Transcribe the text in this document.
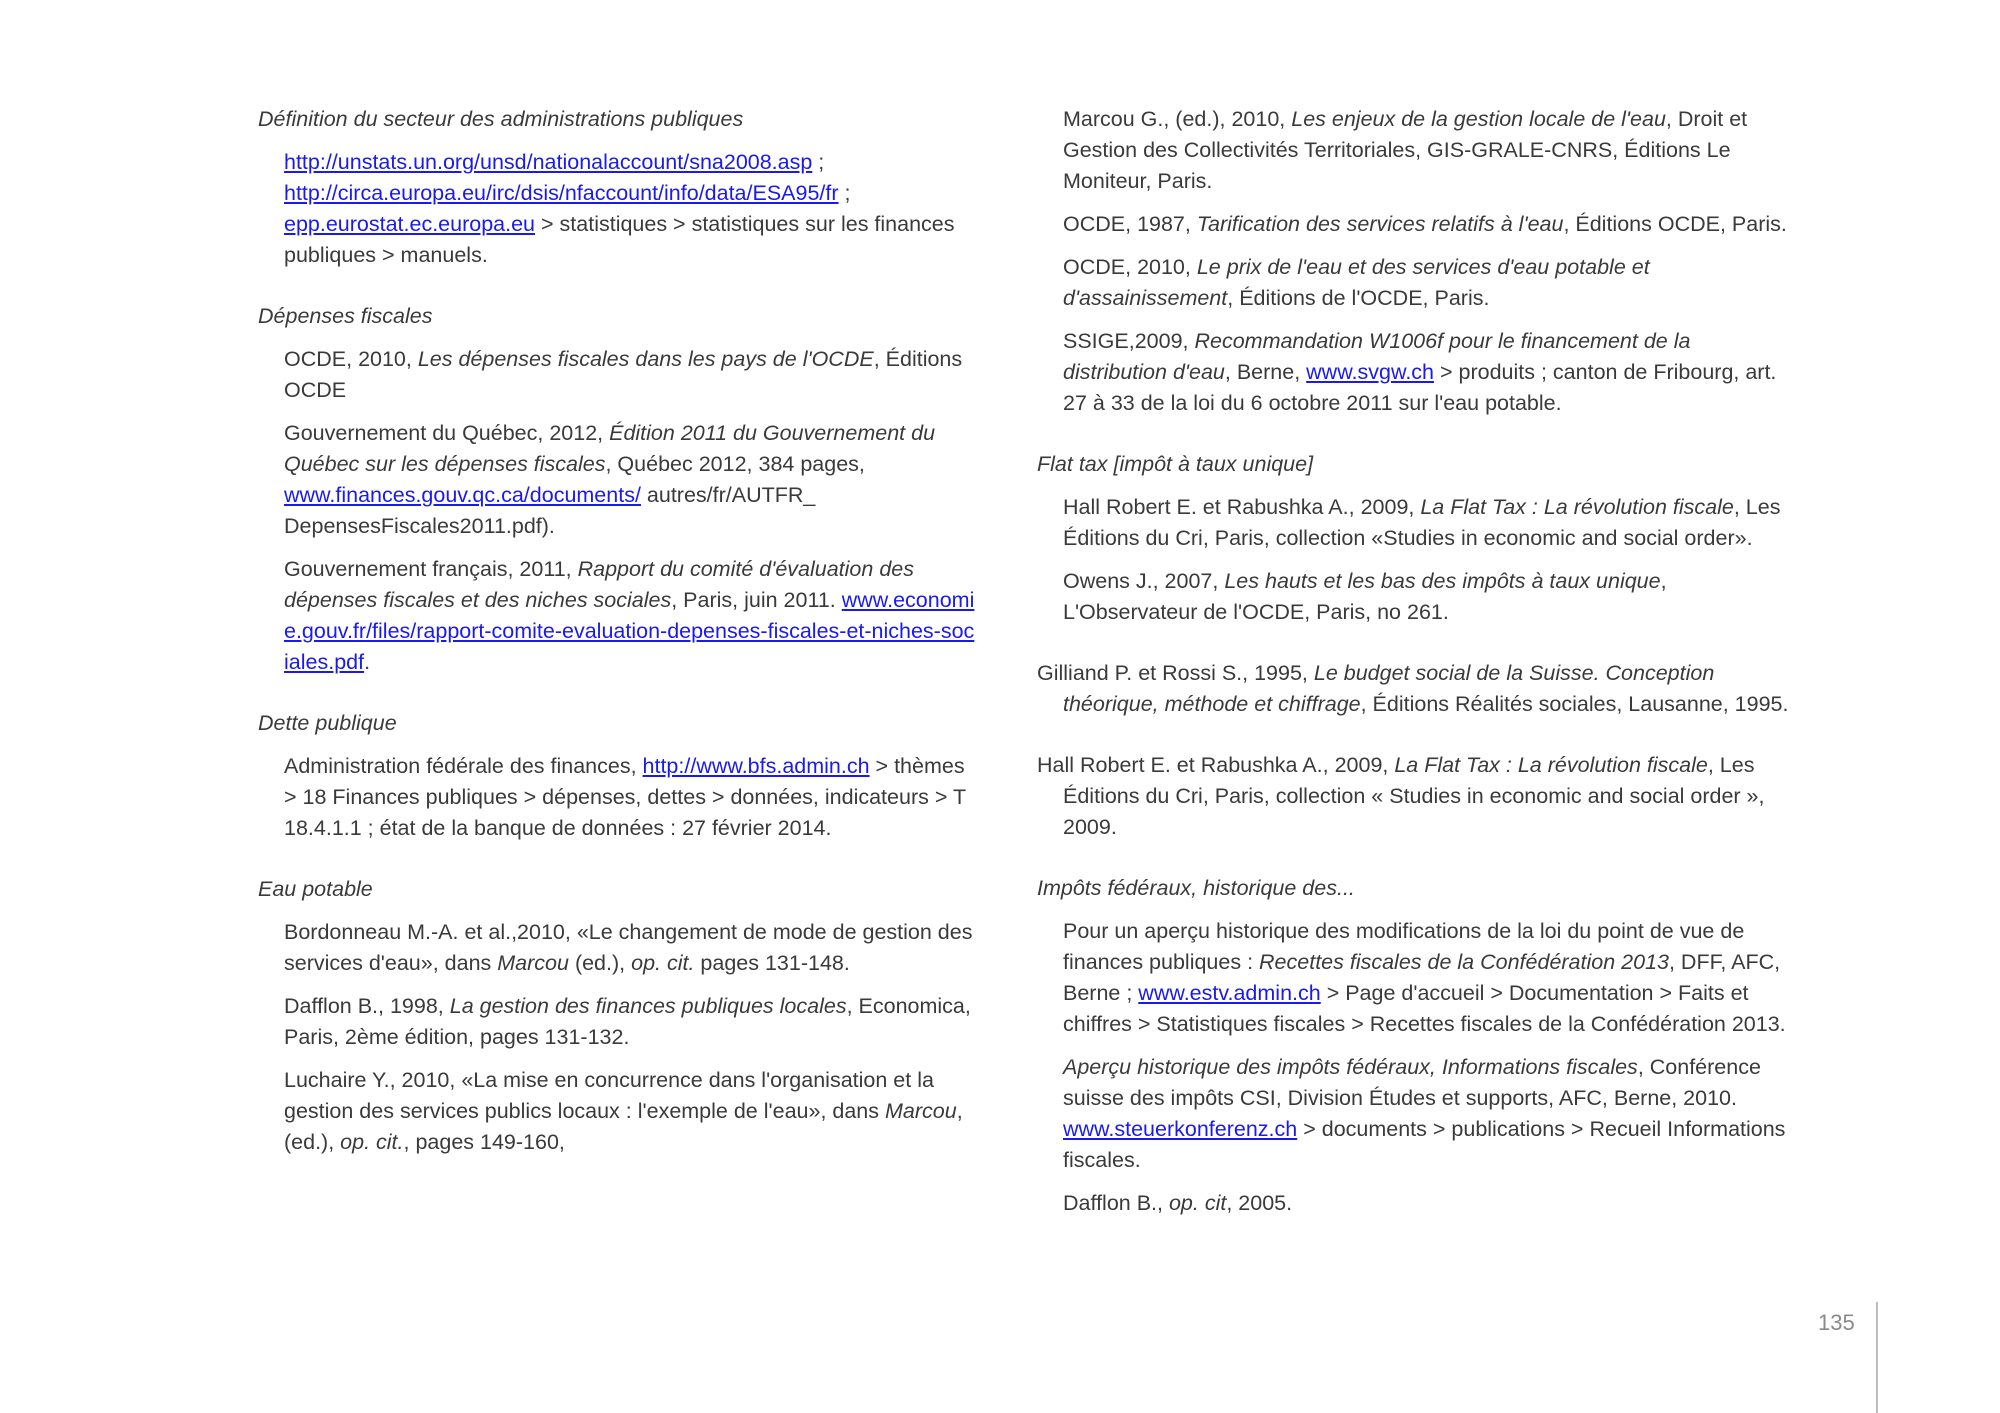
Définition du secteur des administrations publiques

http://unstats.un.org/unsd/nationalaccount/sna2008.asp ;
http://circa.europa.eu/irc/dsis/nfaccount/info/data/ESA95/fr ;
epp.eurostat.ec.europa.eu > statistiques > statistiques sur les finances publiques > manuels.

Dépenses fiscales

OCDE, 2010, Les dépenses fiscales dans les pays de l'OCDE, Éditions OCDE

Gouvernement du Québec, 2012, Édition 2011 du Gouvernement du Québec sur les dépenses fiscales, Québec 2012, 384 pages, www.finances.gouv.qc.ca/documents/ autres/fr/AUTFR_ DepensesFiscales2011.pdf).

Gouvernement français, 2011, Rapport du comité d'évaluation des dépenses fiscales et des niches sociales, Paris, juin 2011. www.economie.gouv.fr/files/rapport-comite-evaluation-depenses-fiscales-et-niches-sociales.pdf.

Dette publique

Administration fédérale des finances, http://www.bfs.admin.ch > thèmes > 18 Finances publiques > dépenses, dettes > données, indicateurs > T 18.4.1.1 ; état de la banque de données : 27 février 2014.

Eau potable

Bordonneau M.-A. et al.,2010, «Le changement de mode de gestion des services d'eau», dans Marcou (ed.), op. cit. pages 131-148.

Dafflon B., 1998, La gestion des finances publiques locales, Economica, Paris, 2ème édition, pages 131-132.

Luchaire Y., 2010, «La mise en concurrence dans l'organisation et la gestion des services publics locaux : l'exemple de l'eau», dans Marcou, (ed.), op. cit., pages 149-160,

Marcou G., (ed.), 2010, Les enjeux de la gestion locale de l'eau, Droit et Gestion des Collectivités Territoriales, GIS-GRALE-CNRS, Éditions Le Moniteur, Paris.

OCDE, 1987, Tarification des services relatifs à l'eau, Éditions OCDE, Paris.

OCDE, 2010, Le prix de l'eau et des services d'eau potable et d'assainissement, Éditions de l'OCDE, Paris.

SSIGE,2009, Recommandation W1006f pour le financement de la distribution d'eau, Berne, www.svgw.ch > produits ; canton de Fribourg, art. 27 à 33 de la loi du 6 octobre 2011 sur l'eau potable.

Flat tax [impôt à taux unique]

Hall Robert E. et Rabushka A., 2009, La Flat Tax : La révolution fiscale, Les Éditions du Cri, Paris, collection «Studies in economic and social order».

Owens J., 2007, Les hauts et les bas des impôts à taux unique, L'Observateur de l'OCDE, Paris, no 261.

Gilliand P. et Rossi S., 1995, Le budget social de la Suisse. Conception théorique, méthode et chiffrage, Éditions Réalités sociales, Lausanne, 1995.

Hall Robert E. et Rabushka A., 2009, La Flat Tax : La révolution fiscale, Les Éditions du Cri, Paris, collection « Studies in economic and social order », 2009.

Impôts fédéraux, historique des...

Pour un aperçu historique des modifications de la loi du point de vue de finances publiques : Recettes fiscales de la Confédération 2013, DFF, AFC, Berne ; www.estv.admin.ch > Page d'accueil > Documentation > Faits et chiffres > Statistiques fiscales > Recettes fiscales de la Confédération 2013.

Aperçu historique des impôts fédéraux, Informations fiscales, Conférence suisse des impôts CSI, Division Études et supports, AFC, Berne, 2010. www.steuerkonferenz.ch > documents > publications > Recueil Informations fiscales.

Dafflon B., op. cit, 2005.

135
